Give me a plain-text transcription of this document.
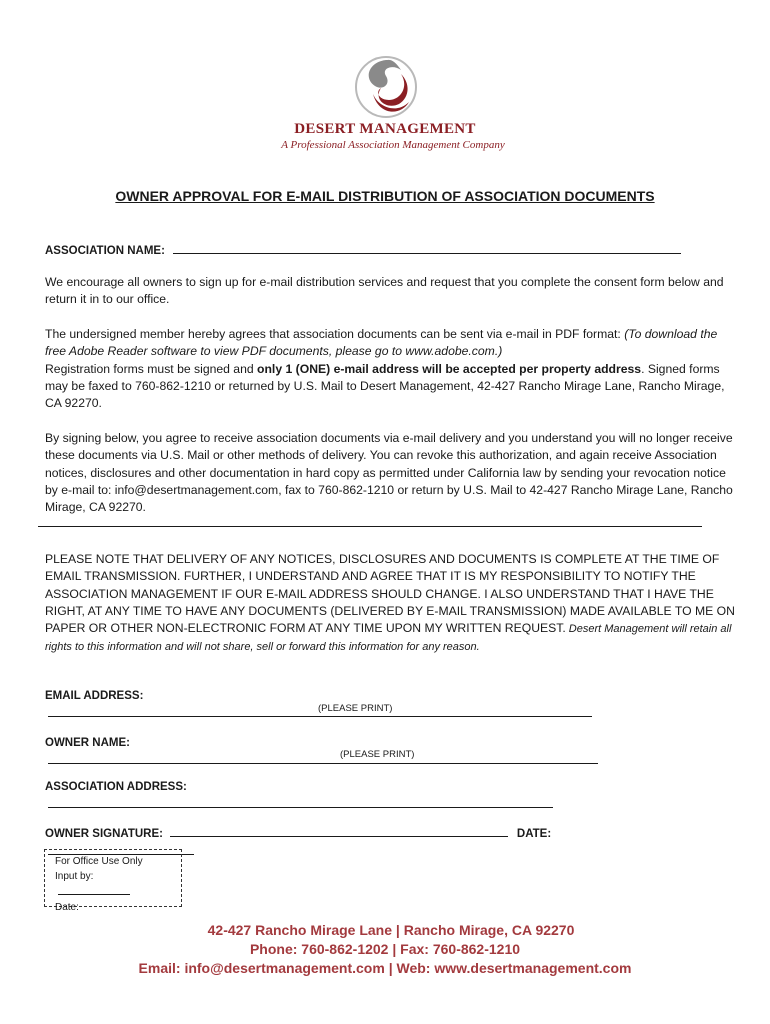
DESERT MANAGEMENT
A Professional Association Management Company
OWNER APPROVAL FOR E-MAIL DISTRIBUTION OF ASSOCIATION DOCUMENTS
ASSOCIATION NAME:
We encourage all owners to sign up for e-mail distribution services and request that you complete the consent form below and return it in to our office.
The undersigned member hereby agrees that association documents can be sent via e-mail in PDF format: (To download the free Adobe Reader software to view PDF documents, please go to www.adobe.com.)
Registration forms must be signed and only 1 (ONE) e-mail address will be accepted per property address. Signed forms may be faxed to 760-862-1210 or returned by U.S. Mail to Desert Management, 42-427 Rancho Mirage Lane, Rancho Mirage, CA 92270.
By signing below, you agree to receive association documents via e-mail delivery and you understand you will no longer receive these documents via U.S. Mail or other methods of delivery. You can revoke this authorization, and again receive Association notices, disclosures and other documentation in hard copy as permitted under California law by sending your revocation notice by e-mail to: info@desertmanagement.com, fax to 760-862-1210 or return by U.S. Mail to 42-427 Rancho Mirage Lane, Rancho Mirage, CA 92270.
PLEASE NOTE THAT DELIVERY OF ANY NOTICES, DISCLOSURES AND DOCUMENTS IS COMPLETE AT THE TIME OF EMAIL TRANSMISSION. FURTHER, I UNDERSTAND AND AGREE THAT IT IS MY RESPONSIBILITY TO NOTIFY THE ASSOCIATION MANAGEMENT IF OUR E-MAIL ADDRESS SHOULD CHANGE. I ALSO UNDERSTAND THAT I HAVE THE RIGHT, AT ANY TIME TO HAVE ANY DOCUMENTS (DELIVERED BY E-MAIL TRANSMISSION) MADE AVAILABLE TO ME ON PAPER OR OTHER NON-ELECTRONIC FORM AT ANY TIME UPON MY WRITTEN REQUEST. Desert Management will retain all rights to this information and will not share, sell or forward this information for any reason.
EMAIL ADDRESS:
(PLEASE PRINT)
OWNER NAME:
(PLEASE PRINT)
ASSOCIATION ADDRESS:
OWNER SIGNATURE:	DATE:
For Office Use Only
Input by:
Date:
42-427 Rancho Mirage Lane | Rancho Mirage, CA 92270
Phone: 760-862-1202 | Fax: 760-862-1210
Email: info@desertmanagement.com | Web: www.desertmanagement.com
